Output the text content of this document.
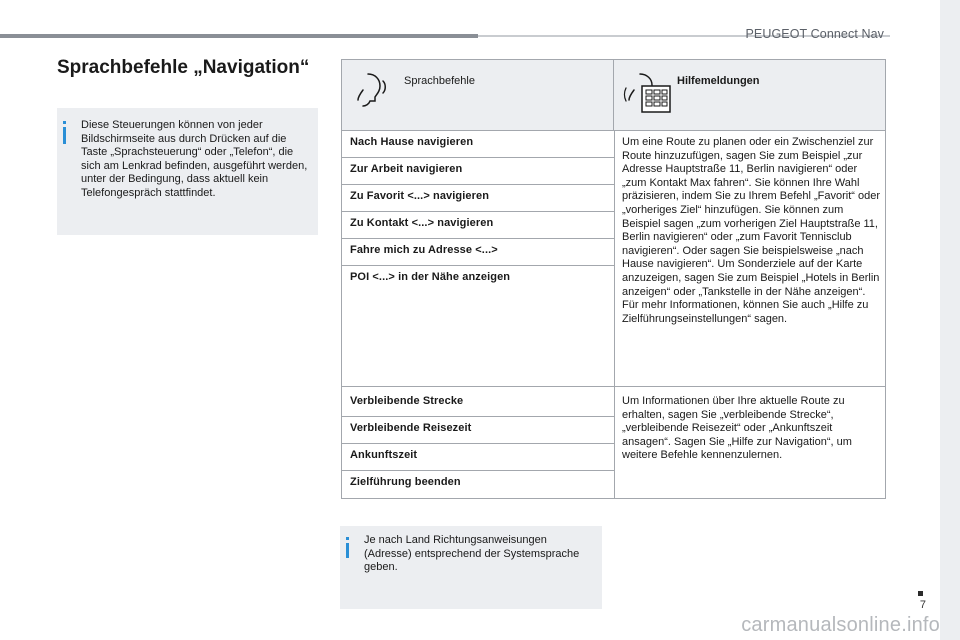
PEUGEOT Connect Nav
Sprachbefehle „Navigation“

Diese Steuerungen können von jeder Bildschirmseite aus durch Drücken auf die Taste „Sprachsteuerung“ oder „Telefon“, die sich am Lenkrad befinden, ausgeführt werden, unter der Bedingung, dass aktuell kein Telefongespräch stattfindet.

Sprachbefehle	Hilfemeldungen
Nach Hause navigieren
Zur Arbeit navigieren
Zu Favorit <...> navigieren
Zu Kontakt <...> navigieren
Fahre mich zu Adresse <...>
POI <...> in der Nähe anzeigen

Um eine Route zu planen oder ein Zwischenziel zur Route hinzuzufügen, sagen Sie zum Beispiel „zur Adresse Hauptstraße 11, Berlin navigieren“ oder „zum Kontakt Max fahren“. Sie können Ihre Wahl präzisieren, indem Sie zu Ihrem Befehl „Favorit“ oder „vorheriges Ziel“ hinzufügen. Sie können zum Beispiel sagen „zum vorherigen Ziel Hauptstraße 11, Berlin navigieren“ oder „zum Favorit Tennisclub navigieren“. Oder sagen Sie beispielsweise „nach Hause navigieren“. Um Sonderziele auf der Karte anzuzeigen, sagen Sie zum Beispiel „Hotels in Berlin anzeigen“ oder „Tankstelle in der Nähe anzeigen“. Für mehr Informationen, können Sie auch „Hilfe zu Zielführungseinstellungen“ sagen.

Verbleibende Strecke
Verbleibende Reisezeit
Ankunftszeit
Zielführung beenden

Um Informationen über Ihre aktuelle Route zu erhalten, sagen Sie „verbleibende Strecke“, „verbleibende Reisezeit“ oder „Ankunftszeit ansagen“. Sagen Sie „Hilfe zur Navigation“, um weitere Befehle kennenzulernen.

Je nach Land Richtungsanweisungen (Adresse) entsprechend der Systemsprache geben.

7
carmanualsonline.info
